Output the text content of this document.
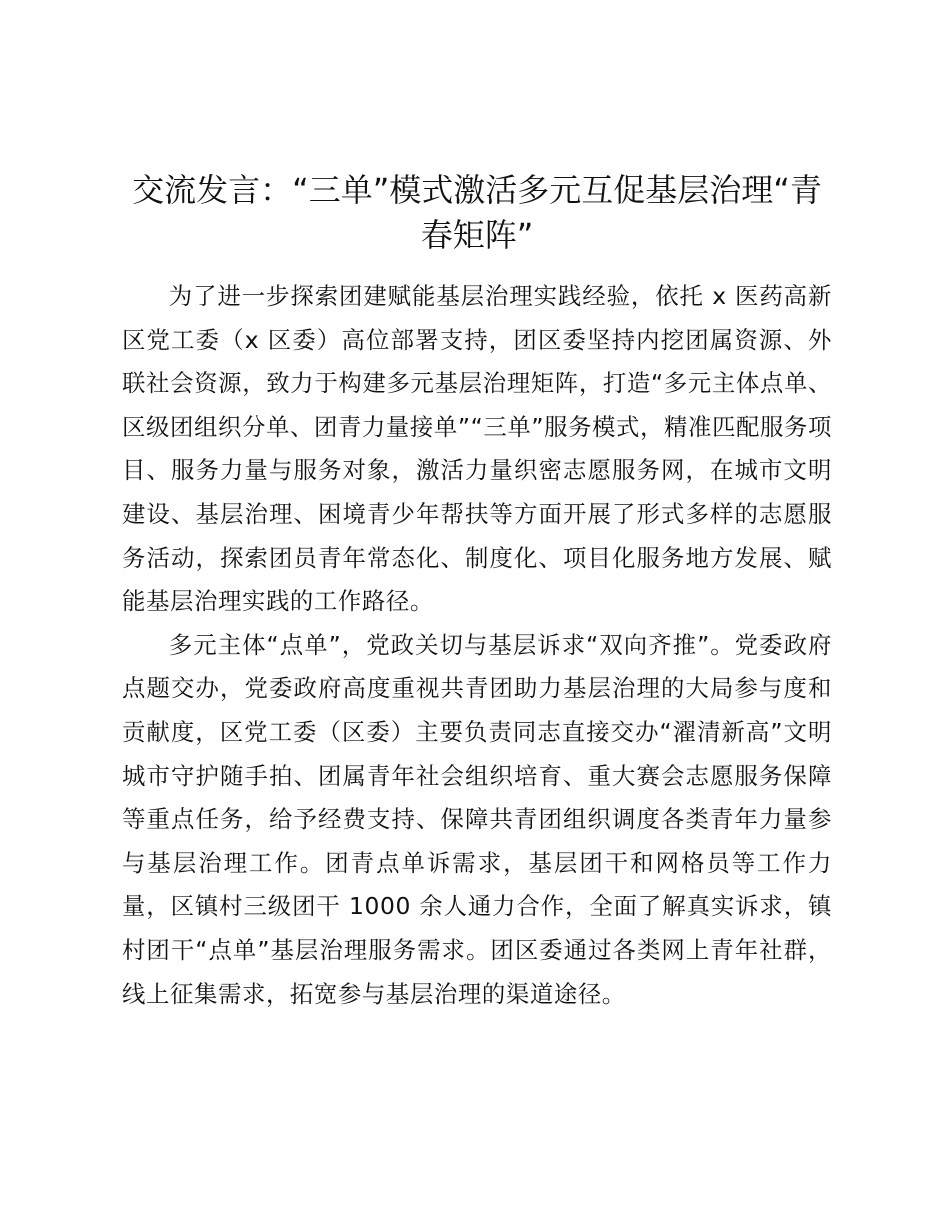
交流发言：“三单”模式激活多元互促基层治理“青春矩阵”

为了进一步探索团建赋能基层治理实践经验，依托 x 医药高新区党工委（x 区委）高位部署支持，团区委坚持内挖团属资源、外联社会资源，致力于构建多元基层治理矩阵，打造“多元主体点单、区级团组织分单、团青力量接单”“三单”服务模式，精准匹配服务项目、服务力量与服务对象，激活力量织密志愿服务网，在城市文明建设、基层治理、困境青少年帮扶等方面开展了形式多样的志愿服务活动，探索团员青年常态化、制度化、项目化服务地方发展、赋能基层治理实践的工作路径。

多元主体“点单”，党政关切与基层诉求“双向齐推”。党委政府点题交办，党委政府高度重视共青团助力基层治理的大局参与度和贡献度，区党工委（区委）主要负责同志直接交办“濯清新高”文明城市守护随手拍、团属青年社会组织培育、重大赛会志愿服务保障等重点任务，给予经费支持、保障共青团组织调度各类青年力量参与基层治理工作。团青点单诉需求，基层团干和网格员等工作力量，区镇村三级团干 1000 余人通力合作，全面了解真实诉求，镇村团干“点单”基层治理服务需求。团区委通过各类网上青年社群，线上征集需求，拓宽参与基层治理的渠道途径。
